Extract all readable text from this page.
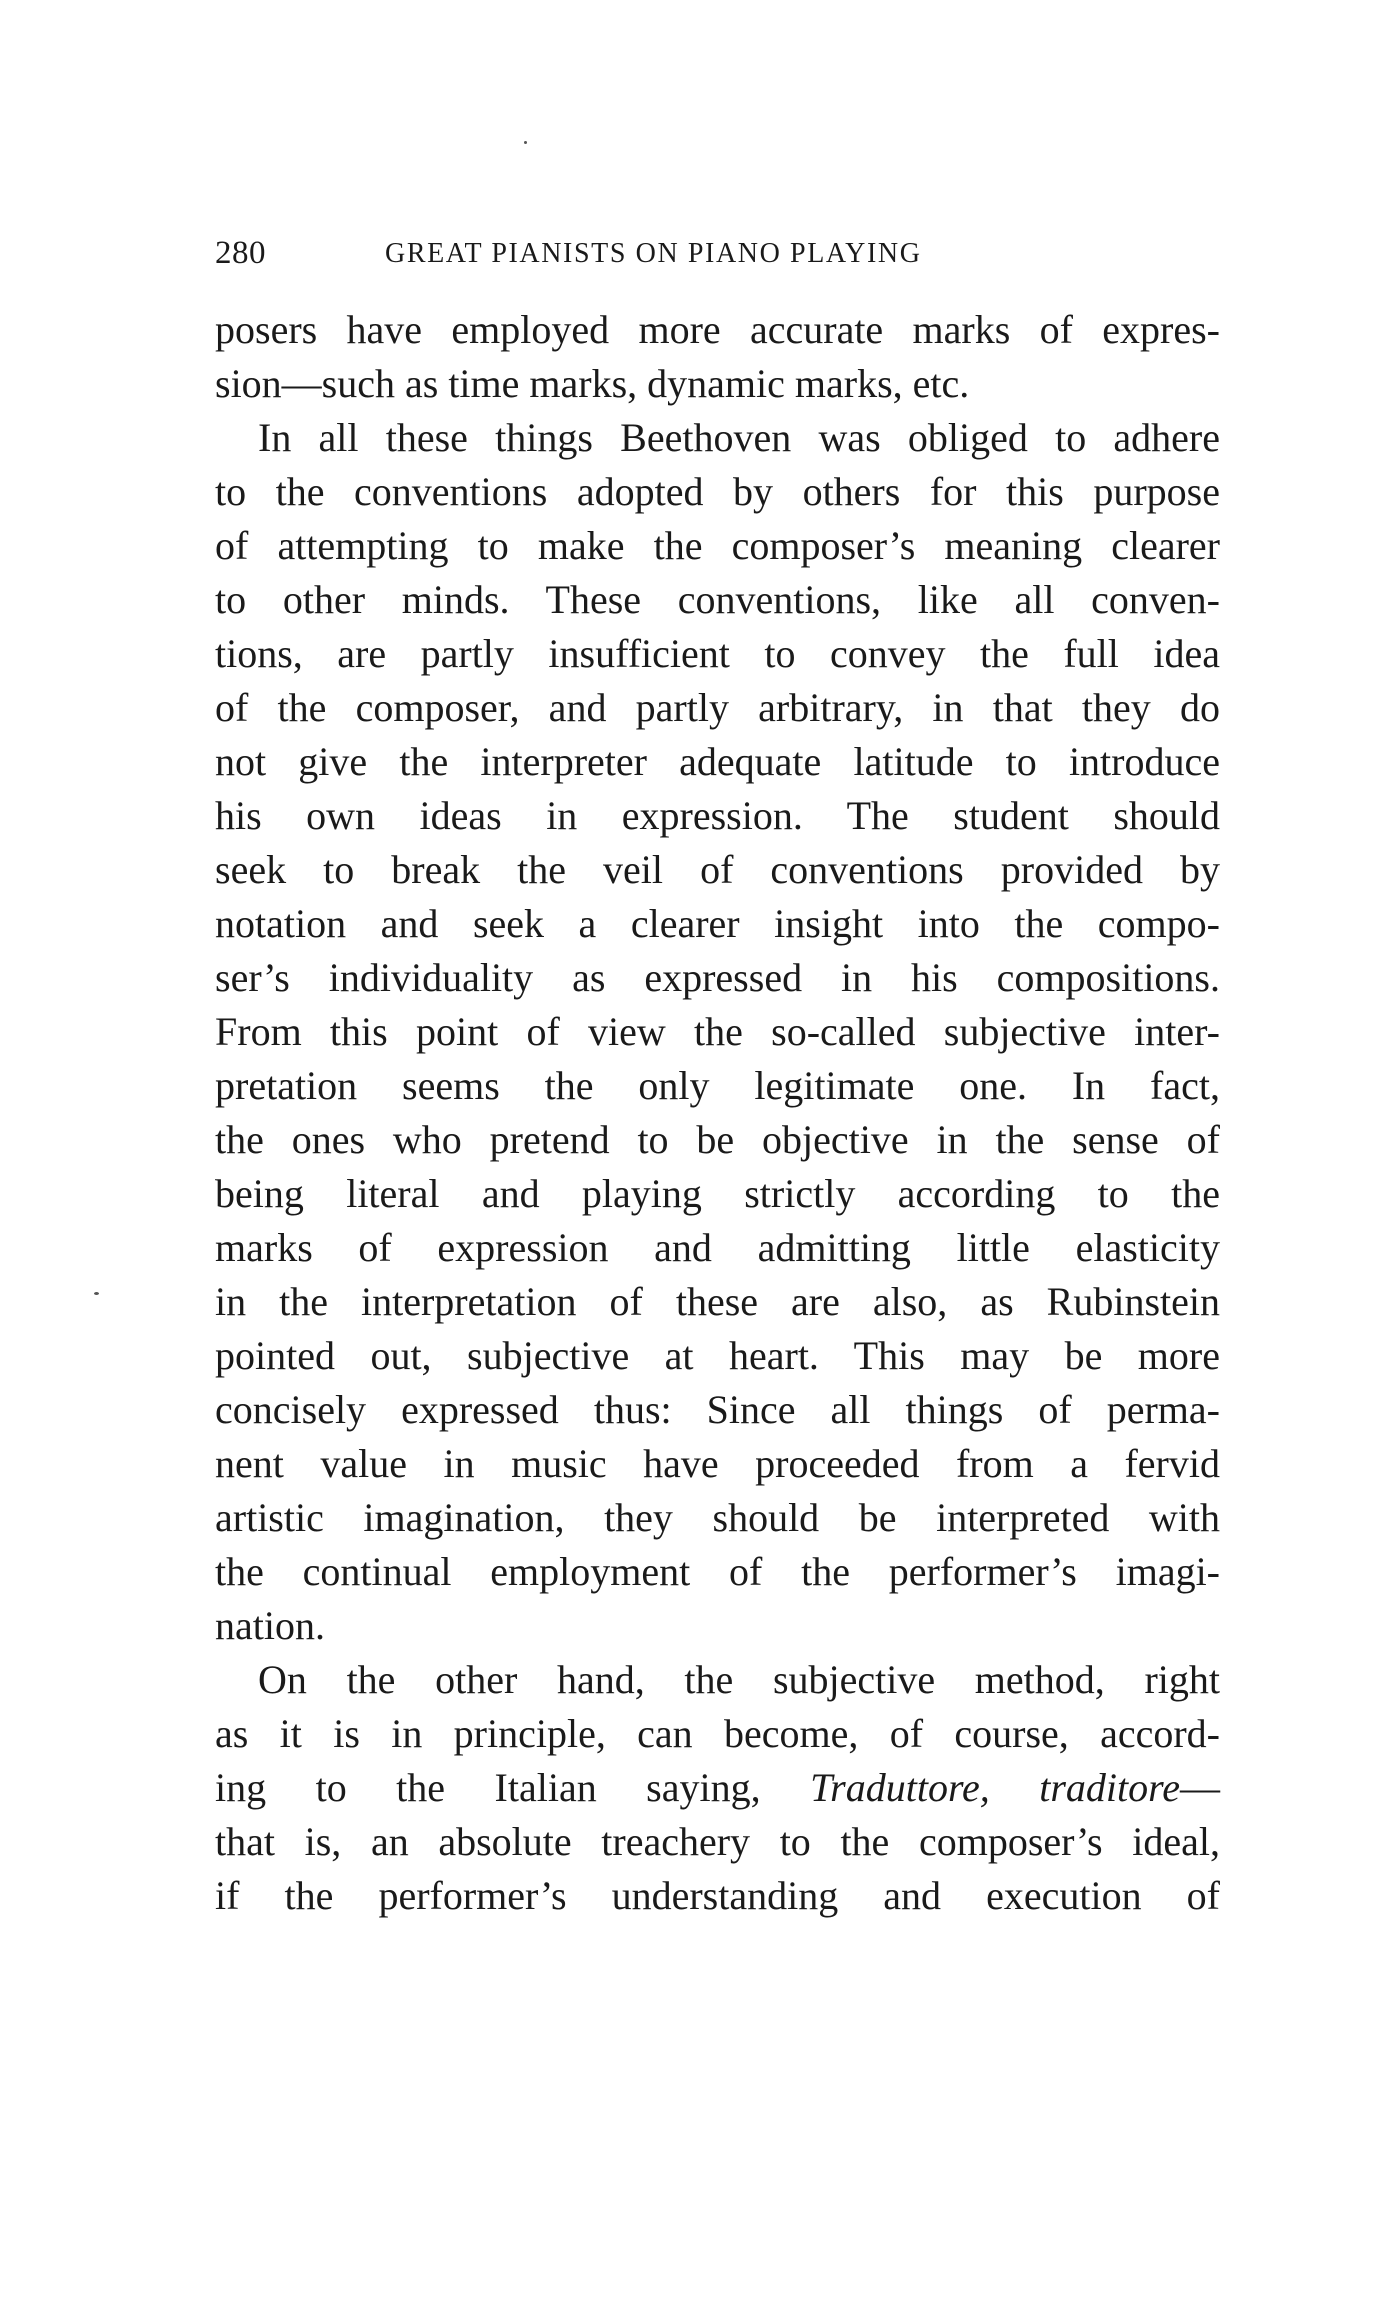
280	GREAT PIANISTS ON PIANO PLAYING
posers have employed more accurate marks of expres-
sion—such as time marks, dynamic marks, etc.
In all these things Beethoven was obliged to adhere
to the conventions adopted by others for this purpose
of attempting to make the composer’s meaning clearer
to other minds. These conventions, like all conven-
tions, are partly insufficient to convey the full idea
of the composer, and partly arbitrary, in that they do
not give the interpreter adequate latitude to introduce
his own ideas in expression. The student should
seek to break the veil of conventions provided by
notation and seek a clearer insight into the compo-
ser’s individuality as expressed in his compositions.
From this point of view the so-called subjective inter-
pretation seems the only legitimate one. In fact,
the ones who pretend to be objective in the sense of
being literal and playing strictly according to the
marks of expression and admitting little elasticity
in the interpretation of these are also, as Rubinstein
pointed out, subjective at heart. This may be more
concisely expressed thus: Since all things of perma-
nent value in music have proceeded from a fervid
artistic imagination, they should be interpreted with
the continual employment of the performer’s imagi-
nation.
On the other hand, the subjective method, right
as it is in principle, can become, of course, accord-
ing to the Italian saying, Traduttore, traditore—
that is, an absolute treachery to the composer’s ideal,
if the performer’s understanding and execution of
